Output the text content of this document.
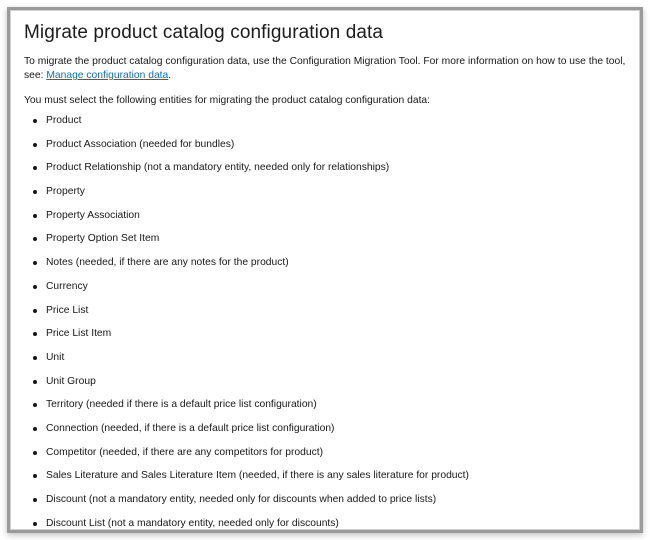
Migrate product catalog configuration data

To migrate the product catalog configuration data, use the Configuration Migration Tool. For more information on how to use the tool, see: Manage configuration data.

You must select the following entities for migrating the product catalog configuration data:

Product
Product Association (needed for bundles)
Product Relationship (not a mandatory entity, needed only for relationships)
Property
Property Association
Property Option Set Item
Notes (needed, if there are any notes for the product)
Currency
Price List
Price List Item
Unit
Unit Group
Territory (needed if there is a default price list configuration)
Connection (needed, if there is a default price list configuration)
Competitor (needed, if there are any competitors for product)
Sales Literature and Sales Literature Item (needed, if there is any sales literature for product)
Discount (not a mandatory entity, needed only for discounts when added to price lists)
Discount List (not a mandatory entity, needed only for discounts)
